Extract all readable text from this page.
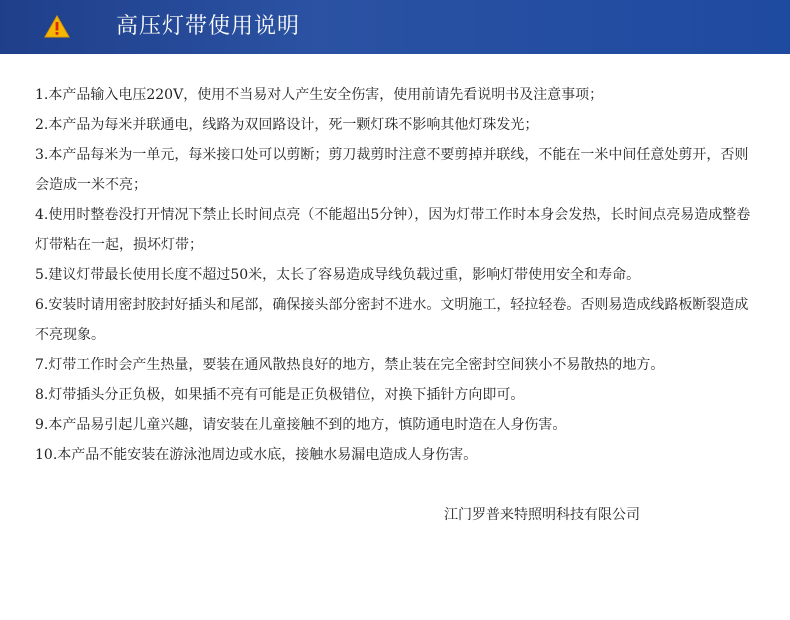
高压灯带使用说明

1.本产品输入电压220V，使用不当易对人产生安全伤害，使用前请先看说明书及注意事项；

2.本产品为每米并联通电，线路为双回路设计，死一颗灯珠不影响其他灯珠发光；

3.本产品每米为一单元，每米接口处可以剪断；剪刀裁剪时注意不要剪掉并联线，不能在一米中间任意处剪开，否则会造成一米不亮；

4.使用时整卷没打开情况下禁止长时间点亮（不能超出5分钟），因为灯带工作时本身会发热，长时间点亮易造成整卷灯带粘在一起，损坏灯带；

5.建议灯带最长使用长度不超过50米，太长了容易造成导线负载过重，影响灯带使用安全和寿命。

6.安装时请用密封胶封好插头和尾部，确保接头部分密封不进水。文明施工，轻拉轻卷。否则易造成线路板断裂造成不亮现象。

7.灯带工作时会产生热量，要装在通风散热良好的地方，禁止装在完全密封空间狭小不易散热的地方。

8.灯带插头分正负极，如果插不亮有可能是正负极错位，对换下插针方向即可。

9.本产品易引起儿童兴趣，请安装在儿童接触不到的地方，慎防通电时造在人身伤害。

10.本产品不能安装在游泳池周边或水底，接触水易漏电造成人身伤害。

江门罗普来特照明科技有限公司
